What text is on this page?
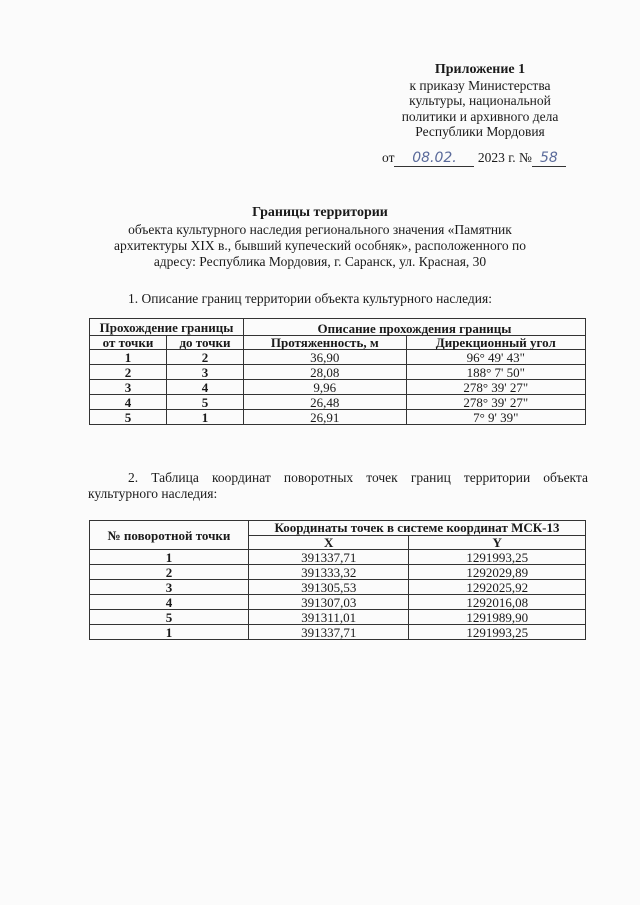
Приложение 1
к приказу Министерства
культуры, национальной
политики и архивного дела
Республики Мордовия
от 08.02. 2023 г. № 58
Границы территории
объекта культурного наследия регионального значения «Памятник архитектуры XIX в., бывший купеческий особняк», расположенного по адресу: Республика Мордовия, г. Саранск, ул. Красная, 30
1. Описание границ территории объекта культурного наследия:
Прохождение границы		Описание прохождения границы	
от точки	до точки	Протяженность, м	Дирекционный угол
1	2	36,90	96° 49' 43"
2	3	28,08	188° 7' 50"
3	4	9,96	278° 39' 27"
4	5	26,48	278° 39' 27"
5	1	26,91	7° 9' 39"
2. Таблица координат поворотных точек границ территории объекта культурного наследия:
№ поворотной точки	Координаты точек в системе координат МСК-13	
	X	Y
1	391337,71	1291993,25
2	391333,32	1292029,89
3	391305,53	1292025,92
4	391307,03	1292016,08
5	391311,01	1291989,90
1	391337,71	1291993,25
